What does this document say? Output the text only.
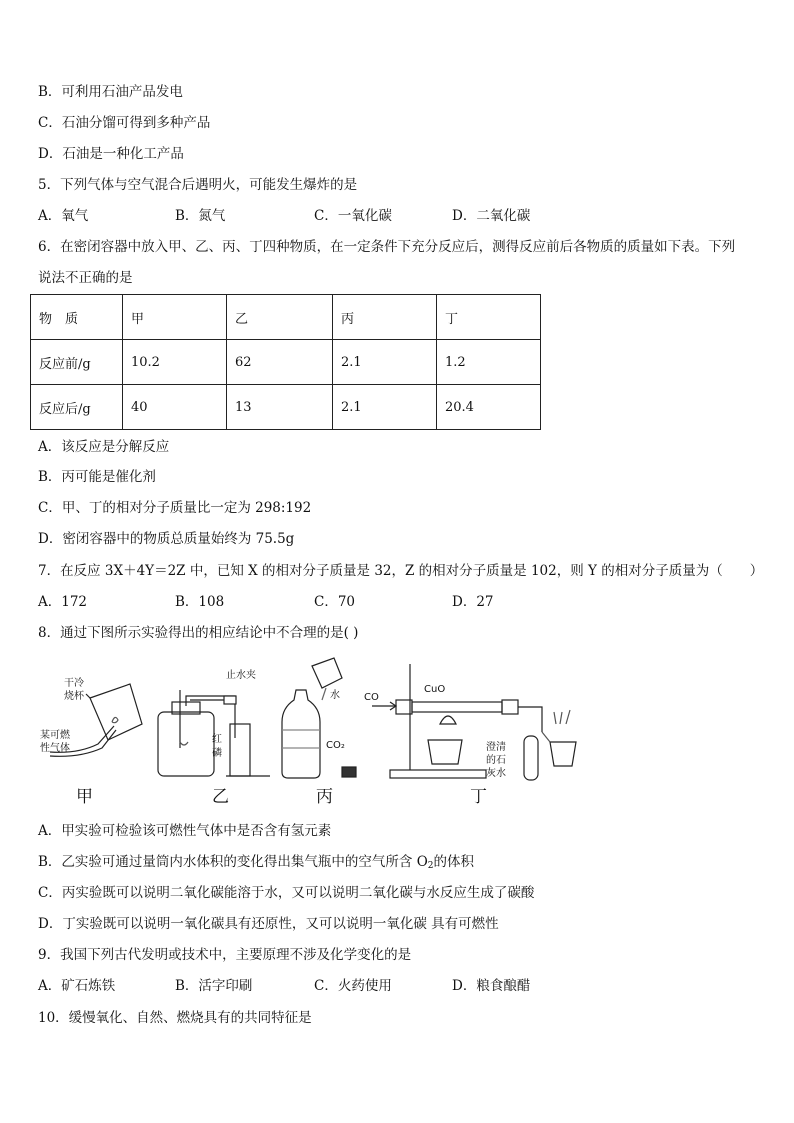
B．可利用石油产品发电
C．石油分馏可得到多种产品
D．石油是一种化工产品
5．下列气体与空气混合后遇明火，可能发生爆炸的是
A．氧气	B．氮气	C．一氧化碳	D．二氧化碳
6．在密闭容器中放入甲、乙、丙、丁四种物质，在一定条件下充分反应后，测得反应前后各物质的质量如下表。下列
说法不正确的是
物　质	甲	乙	丙	丁
反应前/g	10.2	62	2.1	1.2
反应后/g	40	13	2.1	20.4
A．该反应是分解反应
B．丙可能是催化剂
C．甲、丁的相对分子质量比一定为 298:192
D．密闭容器中的物质总质量始终为 75.5g
7．在反应 3X＋4Y＝2Z 中，已知 X 的相对分子质量是 32，Z 的相对分子质量是 102，则 Y 的相对分子质量为（　　）
A．172	B．108	C．70	D．27
8．通过下图所示实验得出的相应结论中不合理的是( )
干冷
烧杯
某可燃
性气体
止水夹
红
磷
水
CO₂
CO
CuO
澄清
的石
灰水
甲	乙	丙	丁
A．甲实验可检验该可燃性气体中是否含有氢元素
B．乙实验可通过量筒内水体积的变化得出集气瓶中的空气所含 $O_2$的体积
C．丙实验既可以说明二氧化碳能溶于水，又可以说明二氧化碳与水反应生成了碳酸
D．丁实验既可以说明一氧化碳具有还原性，又可以说明一氧化碳 具有可燃性
9．我国下列古代发明或技术中，主要原理不涉及化学变化的是
A．矿石炼铁	B．活字印刷	C．火药使用	D．粮食酿醋
10．缓慢氧化、自然、燃烧具有的共同特征是
